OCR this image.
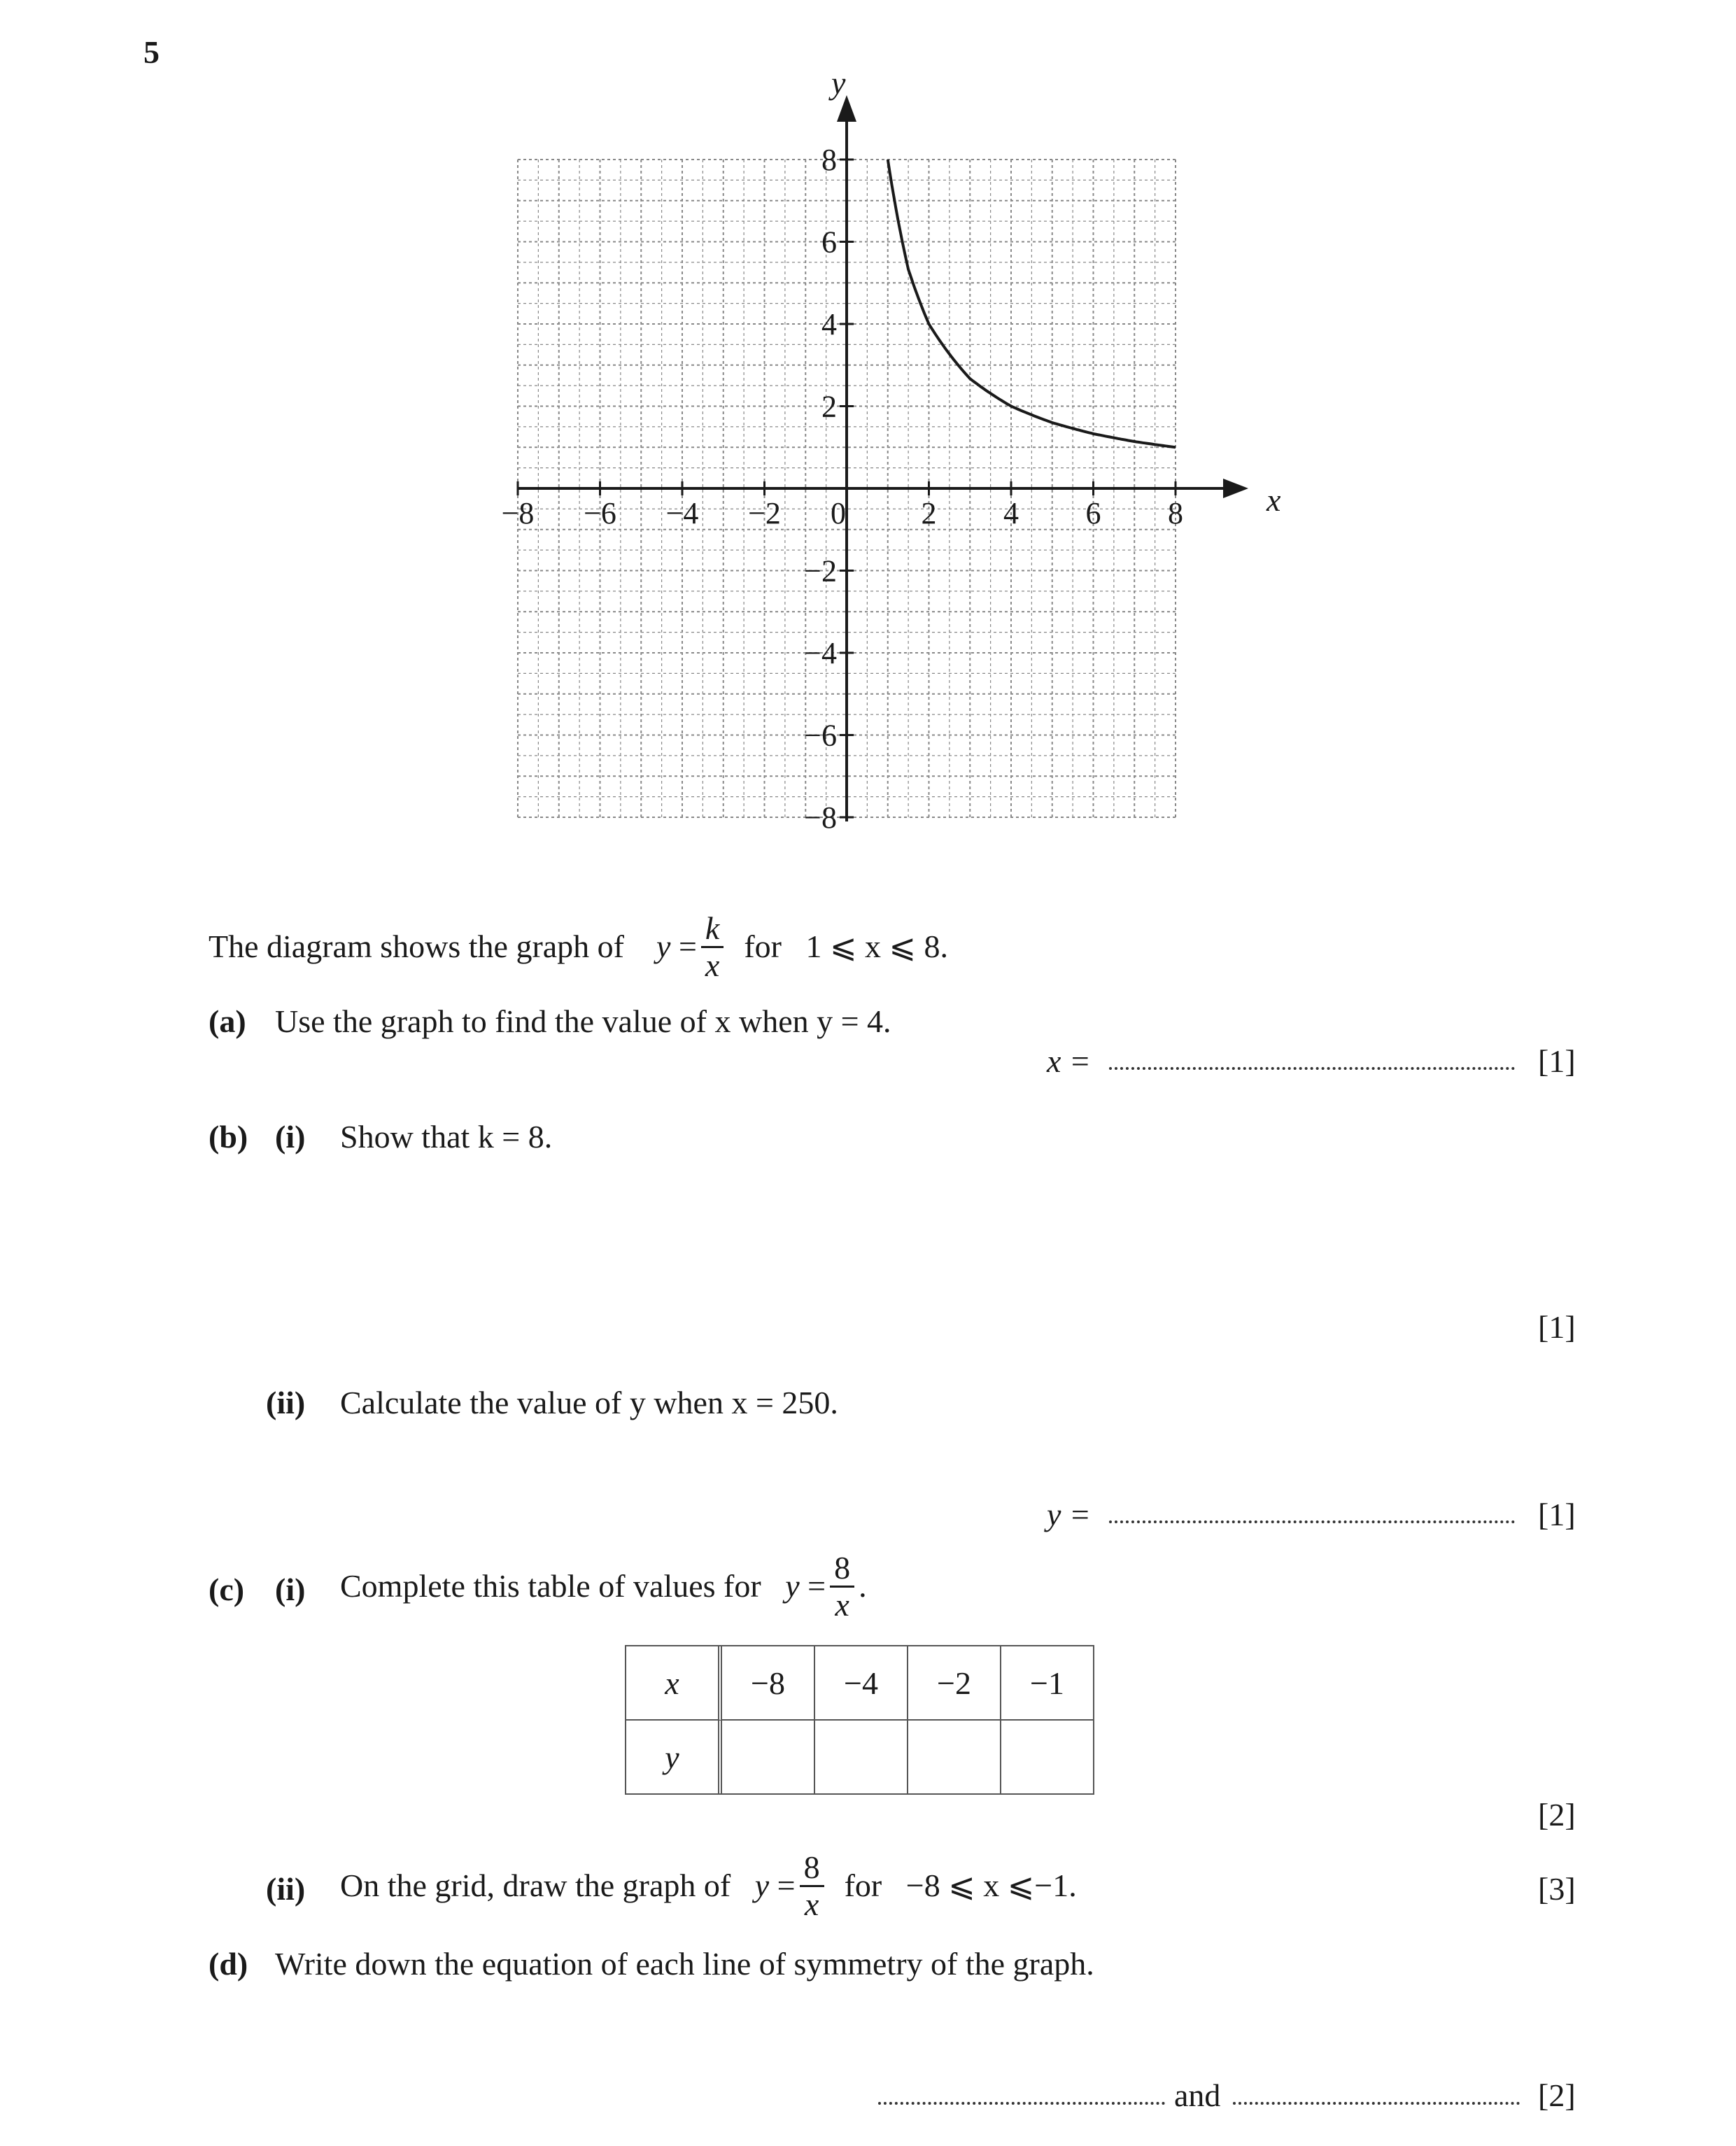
5
x
y
−8 −6 −4 −2 0 2 4 6 8
8
6
4
2
−2
−4
−6
−8
The diagram shows the graph of $y = \frac{k}{x}$ for 1 ⩽ x ⩽ 8.
(a) Use the graph to find the value of x when y = 4.
x =	[1]
(b) (i) Show that k = 8.
[1]
(ii) Calculate the value of y when x = 250.
y =	[1]
(c) (i) Complete this table of values for $y = \frac{8}{x}$ .
x	−8	−4	−2	−1
y				
[2]
(ii) On the grid, draw the graph of $y = \frac{8}{x}$ for −8 ⩽ x ⩽−1.	[3]
(d) Write down the equation of each line of symmetry of the graph.
and	[2]
